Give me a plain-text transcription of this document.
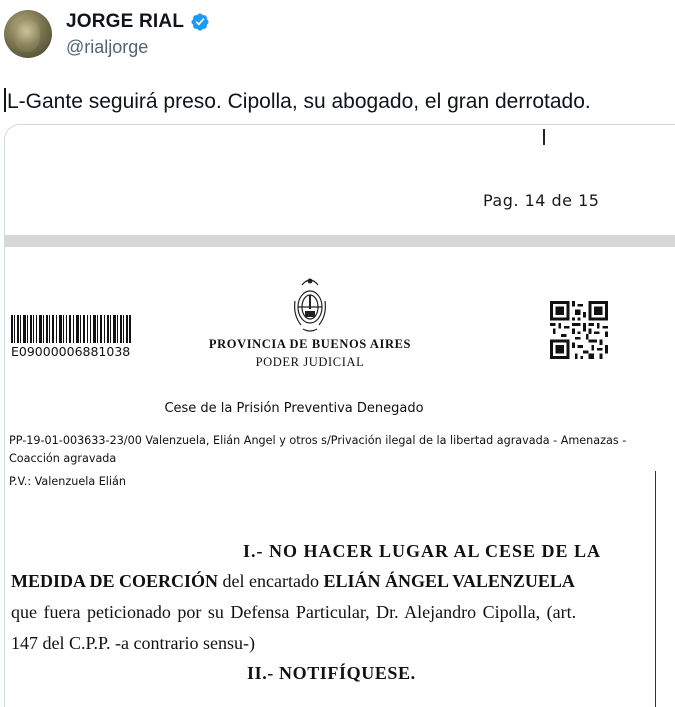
JORGE RIAL
@rialjorge
L-Gante seguirá preso. Cipolla, su abogado, el gran derrotado.
Pag. 14 de 15
E09000006881038	PROVINCIA DE BUENOS AIRES
PODER JUDICIAL
Cese de la Prisión Preventiva Denegado
PP-19-01-003633-23/00 Valenzuela, Elián Angel y otros s/Privación ilegal de la libertad agravada - Amenazas -
Coacción agravada
P.V.: Valenzuela Elián
I.- NO HACER LUGAR AL CESE DE LA
MEDIDA DE COERCIÓN del encartado ELIÁN ÁNGEL VALENZUELA
que fuera peticionado por su Defensa Particular, Dr. Alejandro Cipolla, (art.
147 del C.P.P. -a contrario sensu-)
II.- NOTIFÍQUESE.
